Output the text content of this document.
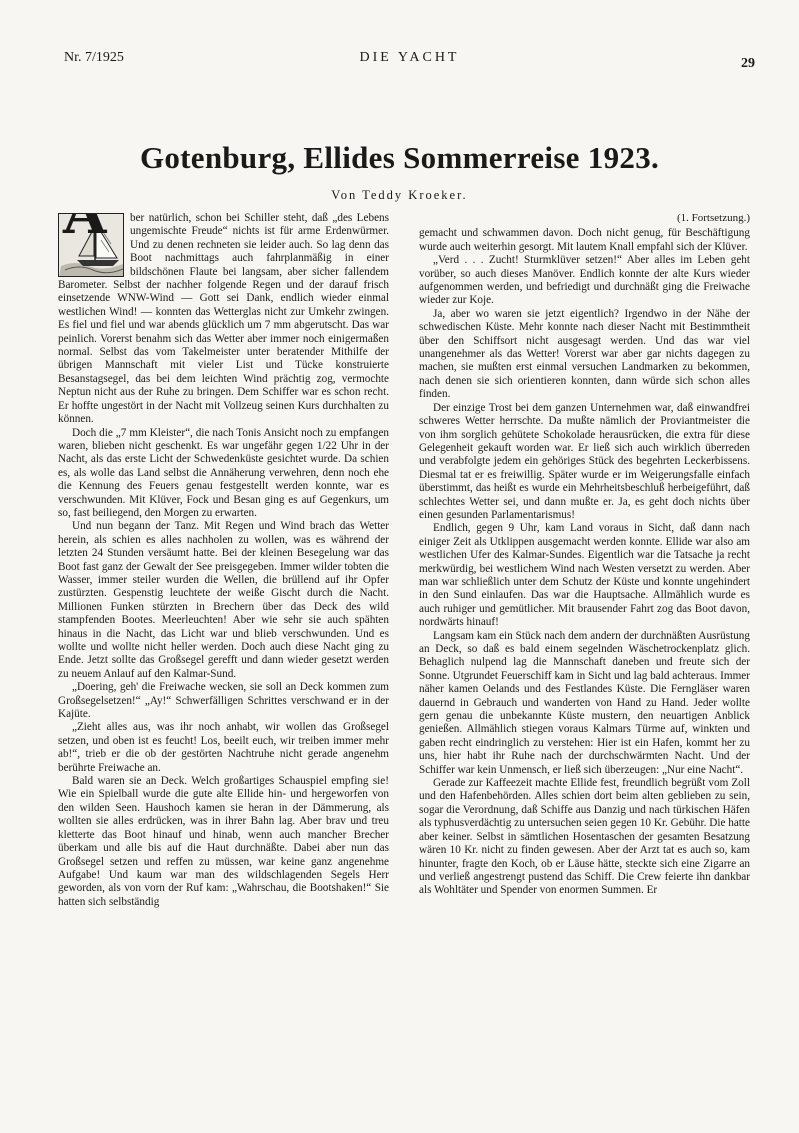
Nr. 7/1925	DIE YACHT	29
Gotenburg, Ellides Sommerreise 1923.
Von Teddy Kroeker.

ber natürlich, schon bei Schiller steht, daß „des Lebens ungemischte Freude“ nichts ist für arme Erdenwürmer. Und zu denen rechneten sie leider auch. So lag denn das Boot nachmittags auch fahrplanmäßig in einer bildschönen Flaute bei langsam, aber sicher fallendem Barometer. Selbst der nachher folgende Regen und der darauf frisch einsetzende WNW-Wind — Gott sei Dank, endlich wieder einmal westlichen Wind! — konnten das Wetterglas nicht zur Umkehr zwingen. Es fiel und fiel und war abends glücklich um 7 mm abgerutscht. Das war peinlich. Vorerst benahm sich das Wetter aber immer noch einigermaßen normal. Selbst das vom Takelmeister unter beratender Mithilfe der übrigen Mannschaft mit vieler List und Tücke konstruierte Besanstagsegel, das bei dem leichten Wind prächtig zog, vermochte Neptun nicht aus der Ruhe zu bringen. Dem Schiffer war es schon recht. Er hoffte ungestört in der Nacht mit Vollzeug seinen Kurs durchhalten zu können.

Doch die „7 mm Kleister“, die nach Tonis Ansicht noch zu empfangen waren, blieben nicht geschenkt. Es war ungefähr gegen 1/22 Uhr in der Nacht, als das erste Licht der Schwedenküste gesichtet wurde. Da schien es, als wolle das Land selbst die Annäherung verwehren, denn noch ehe die Kennung des Feuers genau festgestellt werden konnte, war es verschwunden. Mit Klüver, Fock und Besan ging es auf Gegenkurs, um so, fast beiliegend, den Morgen zu erwarten.

Und nun begann der Tanz. Mit Regen und Wind brach das Wetter herein, als schien es alles nachholen zu wollen, was es während der letzten 24 Stunden versäumt hatte. Bei der kleinen Besegelung war das Boot fast ganz der Gewalt der See preisgegeben. Immer wilder tobten die Wasser, immer steiler wurden die Wellen, die brüllend auf ihr Opfer zustürzten. Gespenstig leuchtete der weiße Gischt durch die Nacht. Millionen Funken stürzten in Brechern über das Deck des wild stampfenden Bootes. Meerleuchten! Aber wie sehr sie auch spähten hinaus in die Nacht, das Licht war und blieb verschwunden. Und es wollte und wollte nicht heller werden. Doch auch diese Nacht ging zu Ende. Jetzt sollte das Großsegel gerefft und dann wieder gesetzt werden zu neuem Anlauf auf den Kalmar-Sund.

„Doering, geh' die Freiwache wecken, sie soll an Deck kommen zum Großsegelsetzen!“ „Ay!“ Schwerfälligen Schrittes verschwand er in der Kajüte.

„Zieht alles aus, was ihr noch anhabt, wir wollen das Großsegel setzen, und oben ist es feucht! Los, beeilt euch, wir treiben immer mehr ab!“, trieb er die ob der gestörten Nachtruhe nicht gerade angenehm berührte Freiwache an.

Bald waren sie an Deck. Welch großartiges Schauspiel empfing sie! Wie ein Spielball wurde die gute alte Ellide hin- und hergeworfen von den wilden Seen. Haushoch kamen sie heran in der Dämmerung, als wollten sie alles erdrücken, was in ihrer Bahn lag. Aber brav und treu kletterte das Boot hinauf und hinab, wenn auch mancher Brecher überkam und alle bis auf die Haut durchnäßte. Dabei aber nun das Großsegel setzen und reffen zu müssen, war keine ganz angenehme Aufgabe! Und kaum war man des wildschlagenden Segels Herr geworden, als von vorn der Ruf kam: „Wahrschau, die Bootshaken!“ Sie hatten sich selbständig

(1. Fortsetzung.)

gemacht und schwammen davon. Doch nicht genug, für Beschäftigung wurde auch weiterhin gesorgt. Mit lautem Knall empfahl sich der Klüver.

„Verd . . . Zucht! Sturmklüver setzen!“ Aber alles im Leben geht vorüber, so auch dieses Manöver. Endlich konnte der alte Kurs wieder aufgenommen werden, und befriedigt und durchnäßt ging die Freiwache wieder zur Koje.

Ja, aber wo waren sie jetzt eigentlich? Irgendwo in der Nähe der schwedischen Küste. Mehr konnte nach dieser Nacht mit Bestimmtheit über den Schiffsort nicht ausgesagt werden. Und das war viel unangenehmer als das Wetter! Vorerst war aber gar nichts dagegen zu machen, sie mußten erst einmal versuchen Landmarken zu bekommen, nach denen sie sich orientieren konnten, dann würde sich schon alles finden.

Der einzige Trost bei dem ganzen Unternehmen war, daß einwandfrei schweres Wetter herrschte. Da mußte nämlich der Proviantmeister die von ihm sorglich gehütete Schokolade herausrücken, die extra für diese Gelegenheit gekauft worden war. Er ließ sich auch wirklich überreden und verabfolgte jedem ein gehöriges Stück des begehrten Leckerbissens. Diesmal tat er es freiwillig. Später wurde er im Weigerungsfalle einfach überstimmt, das heißt es wurde ein Mehrheitsbeschluß herbeigeführt, daß schlechtes Wetter sei, und dann mußte er. Ja, es geht doch nichts über einen gesunden Parlamentarismus!

Endlich, gegen 9 Uhr, kam Land voraus in Sicht, daß dann nach einiger Zeit als Utklippen ausgemacht werden konnte. Ellide war also am westlichen Ufer des Kalmar-Sundes. Eigentlich war die Tatsache ja recht merkwürdig, bei westlichem Wind nach Westen versetzt zu werden. Aber man war schließlich unter dem Schutz der Küste und konnte ungehindert in den Sund einlaufen. Das war die Hauptsache. Allmählich wurde es auch ruhiger und gemütlicher. Mit brausender Fahrt zog das Boot davon, nordwärts hinauf!

Langsam kam ein Stück nach dem andern der durchnäßten Ausrüstung an Deck, so daß es bald einem segelnden Wäschetrockenplatz glich. Behaglich nulpend lag die Mannschaft daneben und freute sich der Sonne. Utgrundet Feuerschiff kam in Sicht und lag bald achteraus. Immer näher kamen Oelands und des Festlandes Küste. Die Ferngläser waren dauernd in Gebrauch und wanderten von Hand zu Hand. Jeder wollte gern genau die unbekannte Küste mustern, den neuartigen Anblick genießen. Allmählich stiegen voraus Kalmars Türme auf, winkten und gaben recht eindringlich zu verstehen: Hier ist ein Hafen, kommt her zu uns, hier habt ihr Ruhe nach der durchschwärmten Nacht. Und der Schiffer war kein Unmensch, er ließ sich überzeugen: „Nur eine Nacht“.

Gerade zur Kaffeezeit machte Ellide fest, freundlich begrüßt vom Zoll und den Hafenbehörden. Alles schien dort beim alten geblieben zu sein, sogar die Verordnung, daß Schiffe aus Danzig und nach türkischen Häfen als typhusverdächtig zu untersuchen seien gegen 10 Kr. Gebühr. Die hatte aber keiner. Selbst in sämtlichen Hosentaschen der gesamten Besatzung wären 10 Kr. nicht zu finden gewesen. Aber der Arzt tat es auch so, kam hinunter, fragte den Koch, ob er Läuse hätte, steckte sich eine Zigarre an und verließ angestrengt pustend das Schiff. Die Crew feierte ihn dankbar als Wohltäter und Spender von enormen Summen. Er
